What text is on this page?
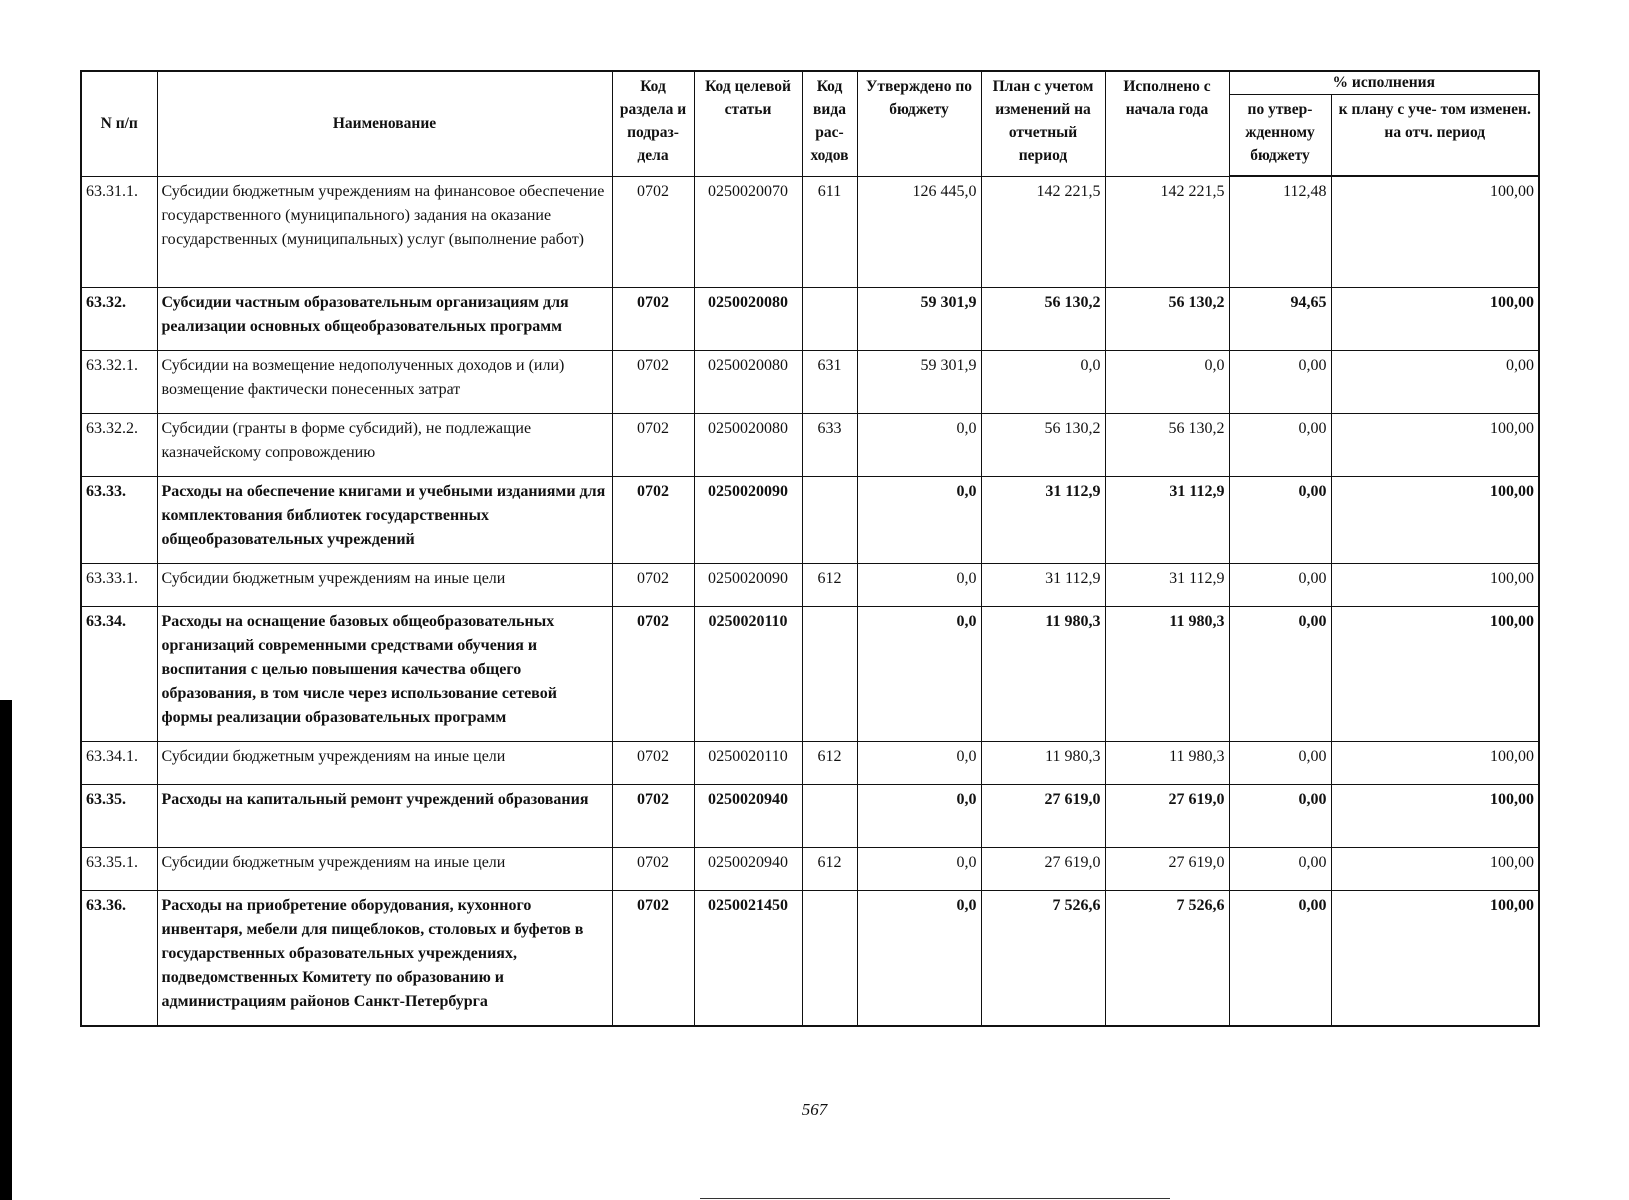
N п/п	Наименование	Код раздела и подраз- дела	Код целевой статьи	Код вида рас- ходов	Утверждено по бюджету	План с учетом изменений на отчетный период	Исполнено с начала года	% исполнения	
								по утвер- жденному бюджету	к плану с уче- том изменен. на отч. период
63.31.1.	Субсидии бюджетным учреждениям на финансовое обеспечение государственного (муниципального) задания на оказание государственных (муниципальных) услуг (выполнение работ)	0702	0250020070	611	126 445,0	142 221,5	142 221,5	112,48	100,00
63.32.	Субсидии частным образовательным организациям для реализации основных общеобразовательных программ	0702	0250020080		59 301,9	56 130,2	56 130,2	94,65	100,00
63.32.1.	Субсидии на возмещение недополученных доходов и (или) возмещение фактически понесенных затрат	0702	0250020080	631	59 301,9	0,0	0,0	0,00	0,00
63.32.2.	Субсидии (гранты в форме субсидий), не подлежащие казначейскому сопровождению	0702	0250020080	633	0,0	56 130,2	56 130,2	0,00	100,00
63.33.	Расходы на обеспечение книгами и учебными изданиями для комплектования библиотек государственных общеобразовательных учреждений	0702	0250020090		0,0	31 112,9	31 112,9	0,00	100,00
63.33.1.	Субсидии бюджетным учреждениям на иные цели	0702	0250020090	612	0,0	31 112,9	31 112,9	0,00	100,00
63.34.	Расходы на оснащение базовых общеобразовательных организаций современными средствами обучения и воспитания с целью повышения качества общего образования, в том числе через использование сетевой формы реализации образовательных программ	0702	0250020110		0,0	11 980,3	11 980,3	0,00	100,00
63.34.1.	Субсидии бюджетным учреждениям на иные цели	0702	0250020110	612	0,0	11 980,3	11 980,3	0,00	100,00
63.35.	Расходы на капитальный ремонт учреждений образования	0702	0250020940		0,0	27 619,0	27 619,0	0,00	100,00
63.35.1.	Субсидии бюджетным учреждениям на иные цели	0702	0250020940	612	0,0	27 619,0	27 619,0	0,00	100,00
63.36.	Расходы на приобретение оборудования, кухонного инвентаря, мебели для пищеблоков, столовых и буфетов в государственных образовательных учреждениях, подведомственных Комитету по образованию и администрациям районов Санкт-Петербурга	0702	0250021450		0,0	7 526,6	7 526,6	0,00	100,00
567
